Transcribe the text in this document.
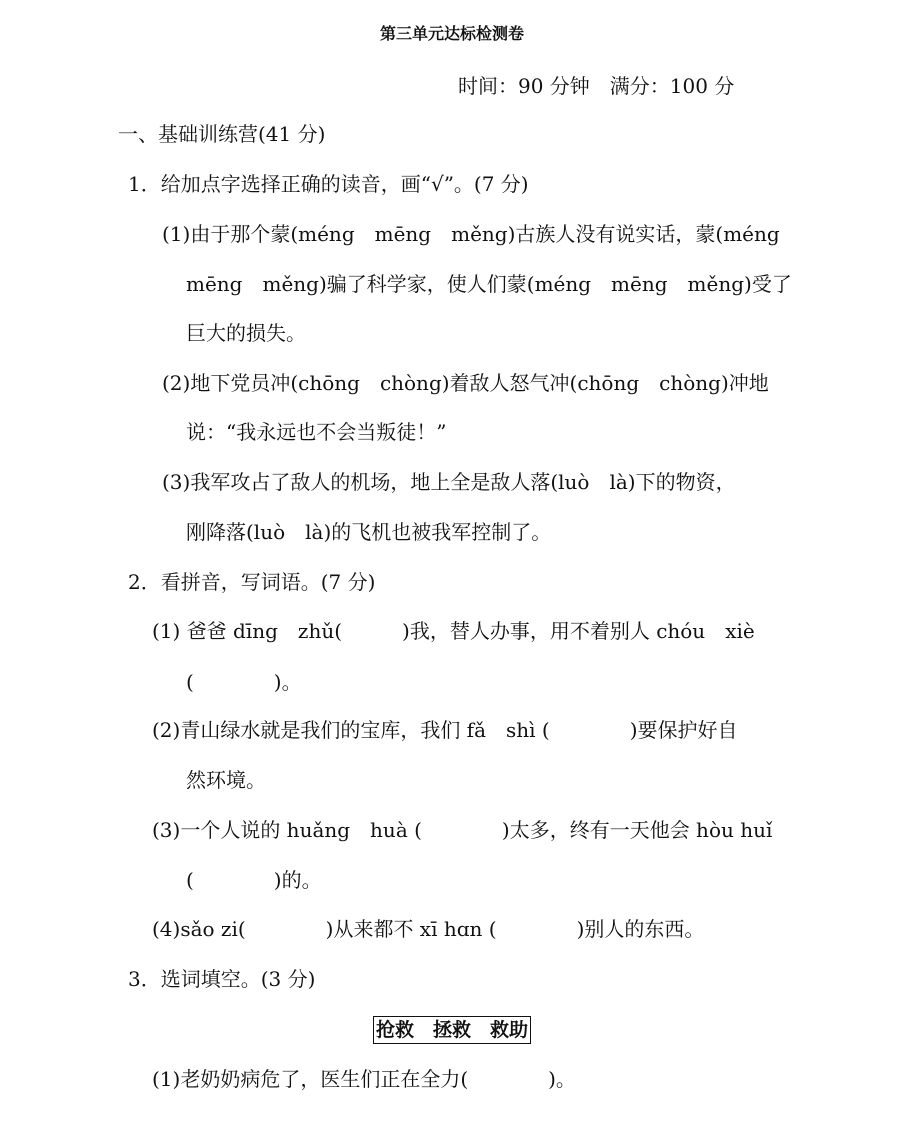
第三单元达标检测卷
时间：90 分钟　满分：100 分
一、基础训练营(41 分)
1．给加点字选择正确的读音，画“√”。(7 分)
(1)由于那个蒙(méng　mēng　měng)古族人没有说实话，蒙(méng
mēng　měng)骗了科学家，使人们蒙(méng　mēng　měng)受了
巨大的损失。
(2)地下党员冲(chōng　chòng)着敌人怒气冲(chōng　chòng)冲地
说：“我永远也不会当叛徒！”
(3)我军攻占了敌人的机场，地上全是敌人落(luò　là)下的物资，
刚降落(luò　là)的飞机也被我军控制了。
2．看拼音，写词语。(7 分)
(1) 爸爸 dīng　zhǔ(　　　)我，替人办事，用不着别人 chóu　xiè
(　　　　)。
(2)青山绿水就是我们的宝库，我们 fǎ　shì (　　　　)要保护好自
然环境。
(3)一个人说的 huǎng　huà (　　　　)太多，终有一天他会 hòu huǐ
(　　　　)的。
(4)sǎo zi(　　　　)从来都不 xī hɑn (　　　　)别人的东西。
3．选词填空。(3 分)
抢救　拯救　救助
(1)老奶奶病危了，医生们正在全力(　　　　)。
